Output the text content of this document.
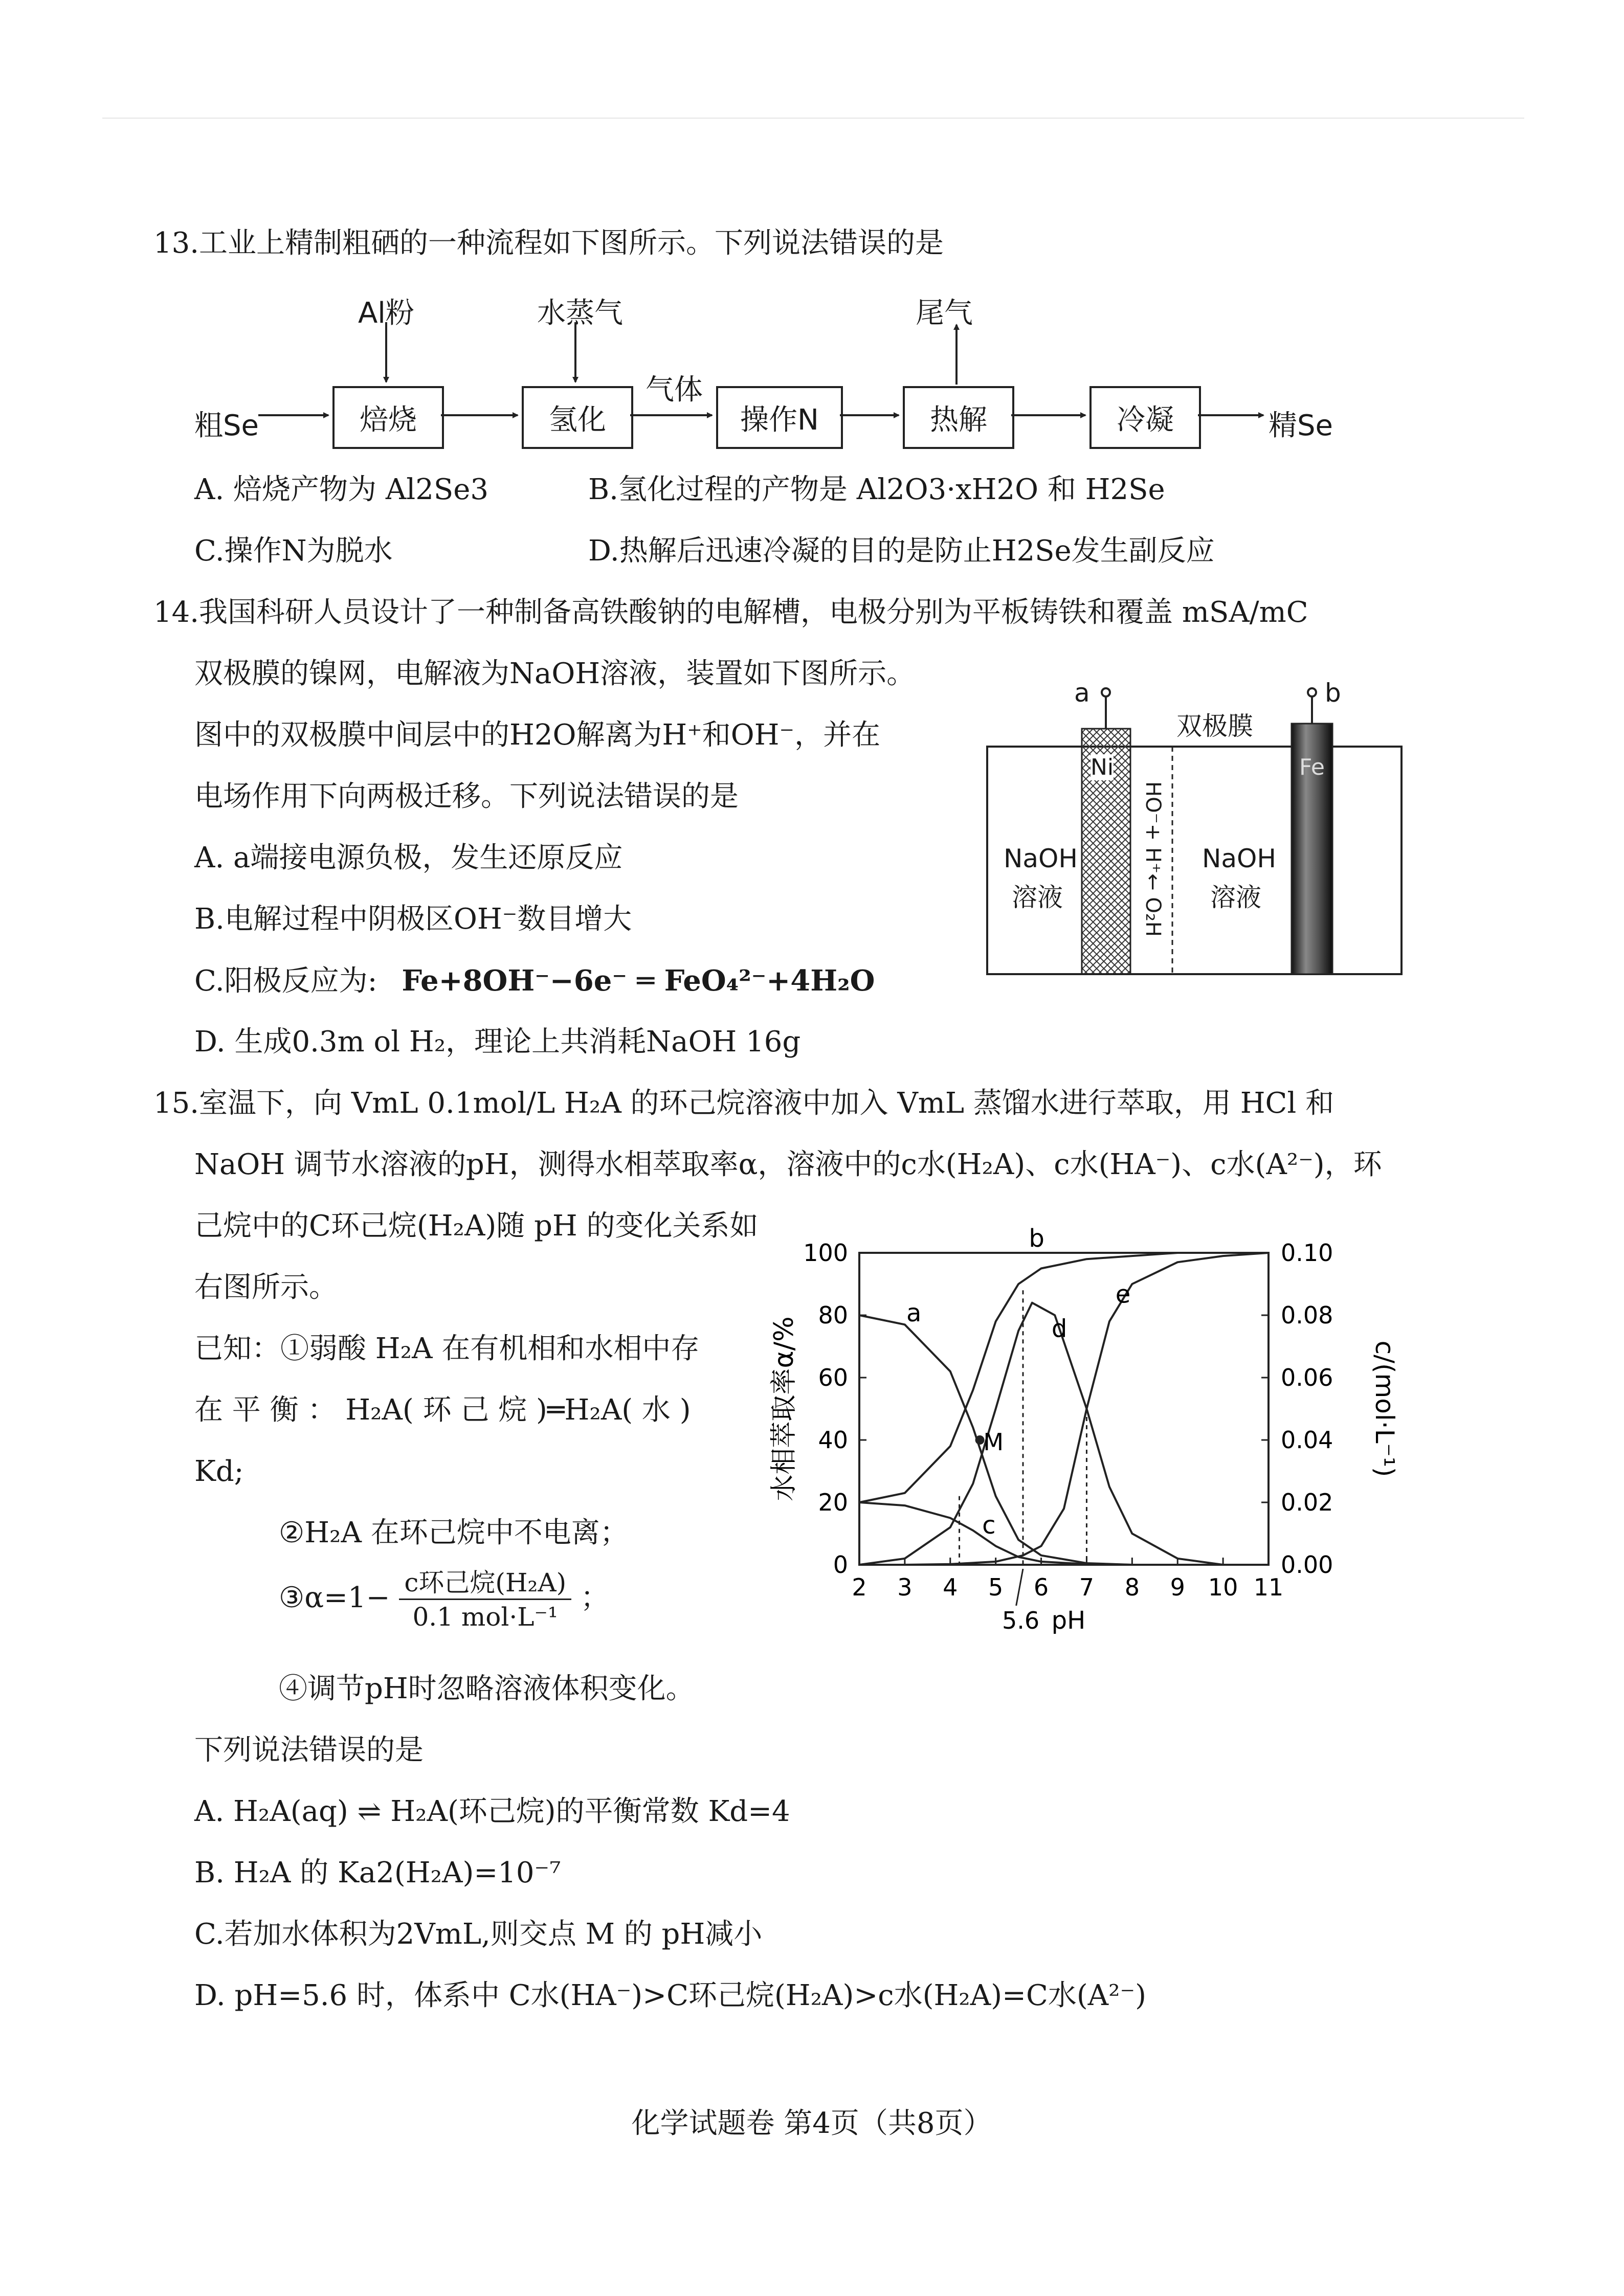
13.工业上精制粗硒的一种流程如下图所示。下列说法错误的是
粗Se
Al粉	水蒸气
气体
尾气
精Se
焙烧	氢化	操作N	热解	冷凝
A. 焙烧产物为 Al2Se3	B.氢化过程的产物是 Al2O3·xH2O 和 H2Se
C.操作N为脱水	D.热解后迅速冷凝的目的是防止H2Se发生副反应
14.我国科研人员设计了一种制备高铁酸钠的电解槽，电极分别为平板铸铁和覆盖 mSA/mC
双极膜的镍网，电解液为NaOH溶液，装置如下图所示。
图中的双极膜中间层中的H2O解离为H⁺和OH⁻，并在
电场作用下向两极迁移。下列说法错误的是
A. a端接电源负极，发生还原反应
B.电解过程中阴极区OH⁻数目增大
C.阳极反应为: Fe+8OH⁻−6e⁻ ═ FeO₄²⁻+4H₂O
D. 生成0.3m ol H₂，理论上共消耗NaOH 16g
a	b
双极膜
Ni	Fe
NaOH
溶液
NaOH
溶液
HO⁻+ H⁺← O₂H
15.室温下，向 VmL 0.1mol/L H₂A 的环己烷溶液中加入 VmL 蒸馏水进行萃取，用 HCl 和
NaOH 调节水溶液的pH，测得水相萃取率α，溶液中的c水(H₂A)、c水(HA⁻)、c水(A²⁻)，环
己烷中的C环己烷(H₂A)随 pH 的变化关系如
右图所示。
已知：①弱酸 H₂A 在有机相和水相中存
在 平 衡 ： H₂A( 环 己 烷 )═H₂A( 水 )
Kd;
②H₂A 在环己烷中不电离；
③α=1− $\frac{\text{c环己烷(H₂A)}}{\text{0.1 mol·L⁻¹}}$ ；
④调节pH时忽略溶液体积变化。
下列说法错误的是
A. H₂A(aq) ⇌ H₂A(环己烷)的平衡常数 Kd=4
B. H₂A 的 Ka2(H₂A)=10⁻⁷
C.若加水体积为2VmL,则交点 M 的 pH减小
D. pH=5.6 时，体系中 C水(HA⁻)>C环己烷(H₂A)>c水(H₂A)=C水(A²⁻)
2 3 4 5 6 7 8 9 10 11
0	0.00
20	0.02
40	0.04
60	0.06
80	0.08
100	0.10
水相萃取率α/%	c/(mol·L⁻¹)
pH
5.6
a
b
c
d
e
M
化学试题卷 第4页（共8页）
